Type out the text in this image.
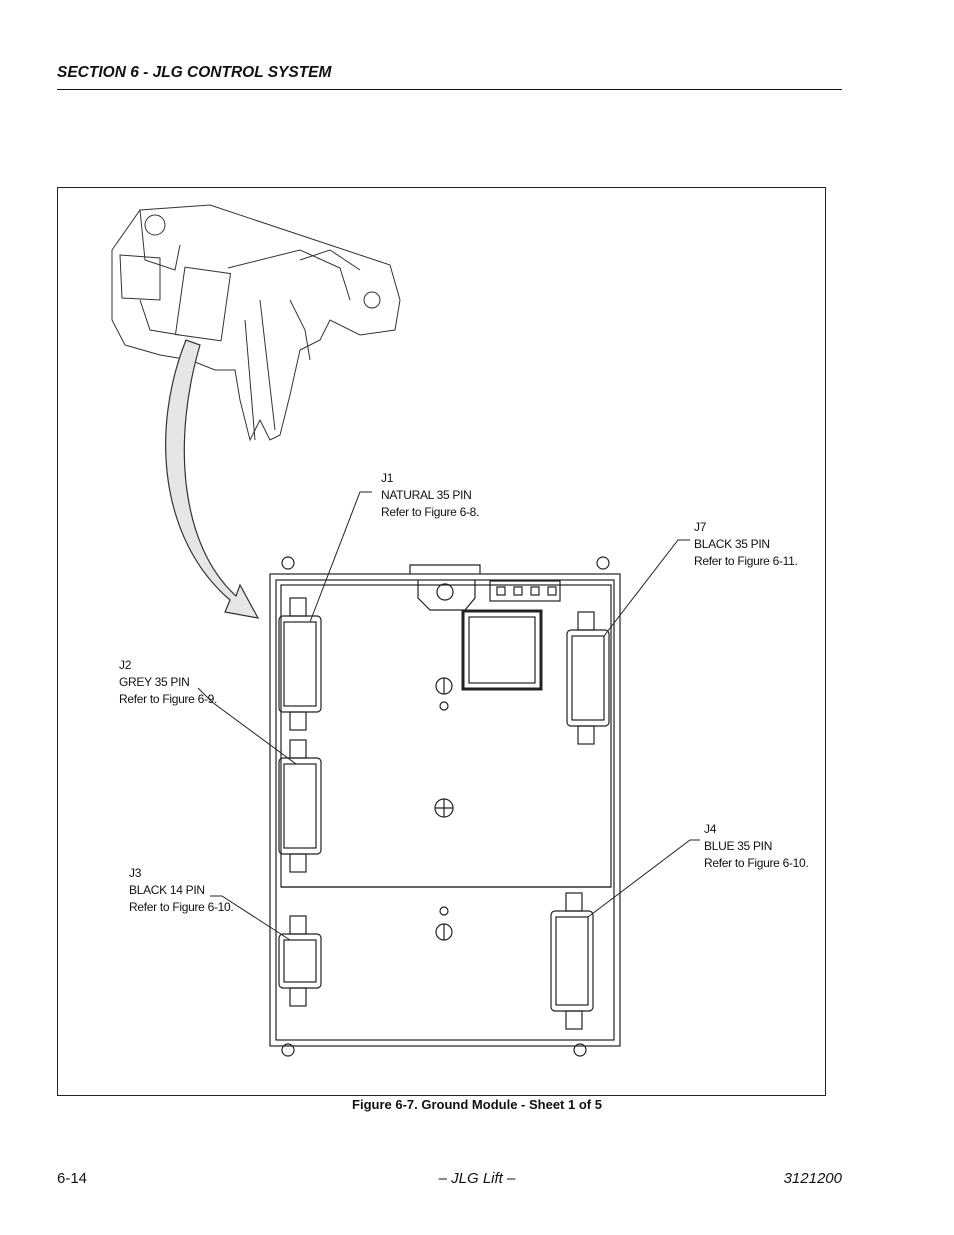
SECTION 6 - JLG CONTROL SYSTEM
J1
NATURAL 35 PIN
Refer to Figure 6-8.
J7
BLACK 35 PIN
Refer to Figure 6-11.
J2
GREY 35 PIN
Refer to Figure 6-9.
J4
BLUE 35 PIN
Refer to Figure 6-10.
J3
BLACK 14 PIN
Refer to Figure 6-10.
Figure 6-7. Ground Module - Sheet 1 of 5
6-14	– JLG Lift –	3121200
